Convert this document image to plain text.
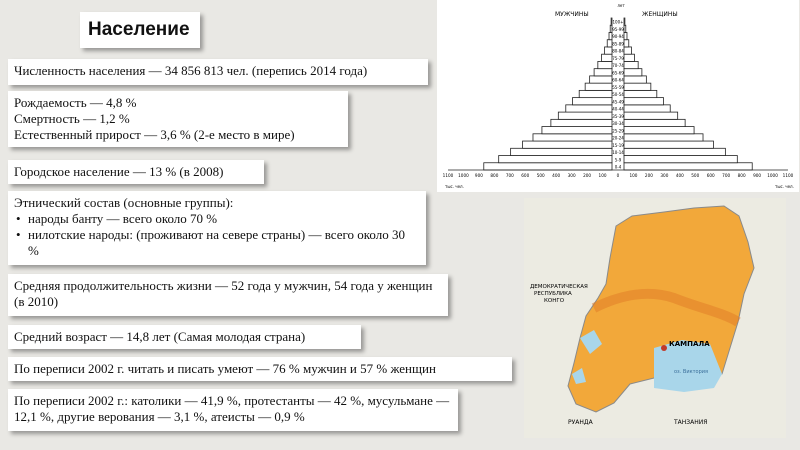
Население
Численность населения — 34 856 813 чел. (перепись 2014 года)
Рождаемость — 4,8 %
Смертность — 1,2 %
Естественный прирост — 3,6 % (2-е место в мире)
Городское население — 13 % (в 2008)
Этнический состав (основные группы):
• народы банту — всего около 70 %
• нилотские народы: (проживают на севере страны) — всего около 30 %
Средняя продолжительность жизни — 52 года у мужчин, 54 года у женщин (в 2010)
Средний возраст — 14,8 лет (Самая молодая страна)
По переписи 2002 г. читать и писать умеют — 76 % мужчин и 57 % женщин
По переписи 2002 г.: католики — 41,9 %, протестанты — 42 %, мусульмане — 12,1 %, другие верования — 3,1 %, атеисты — 0,9 %
МУЖЧИНЫ	ЖЕНЩИНЫ
лет
тыс. чел.	тыс. чел.
0-4
5-9
10-14
15-19
20-24
25-29
30-34
35-39
40-44
45-49
50-54
55-59
60-64
65-69
70-74
75-79
80-84
85-89
90-94
95-99
100+
1100 1000 900 800 700 600 500 400 300 200 100 0 100 200 300 400 500 600 700 800 900 1000 1100
КАМПАЛА
ДЕМОКРАТИЧЕСКАЯ РЕСПУБЛИКА КОНГО
оз. Виктория
РУАНДА	ТАНЗАНИЯ
